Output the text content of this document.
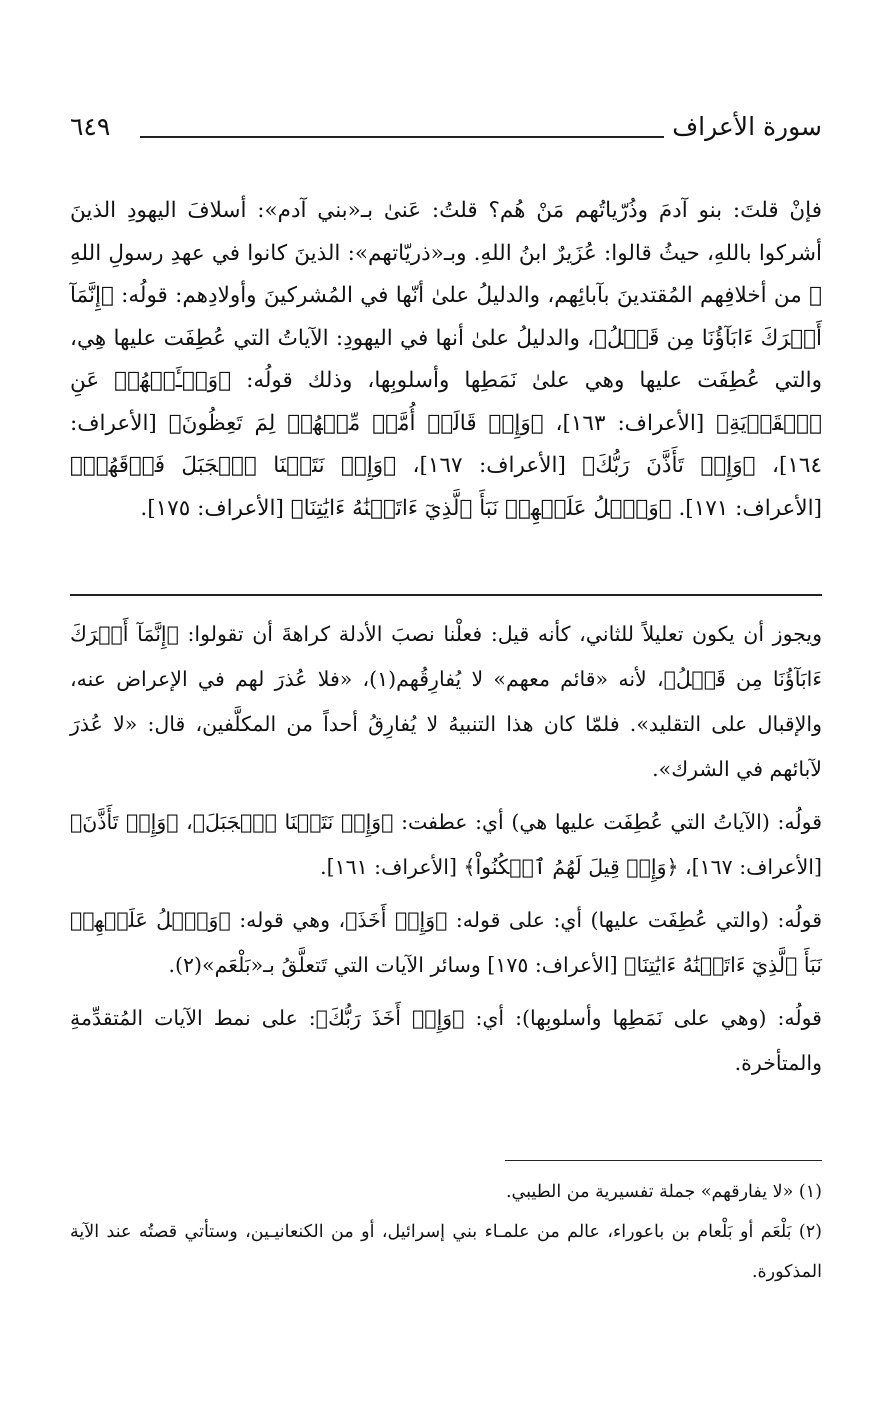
سورة الأعراف
٦٤٩

فإنْ قلتَ: بنو آدمَ وذُرّياتُهم مَنْ هُم؟ قلتُ: عَنىٰ بـ«بني آدم»: أسلافَ اليهودِ الذينَ أشركوا باللهِ، حيثُ قالوا: عُزَيرٌ ابنُ اللهِ. وبـ«ذريّاتهم»: الذينَ كانوا في عهدِ رسولِ اللهِ ﷺ من أخلافِهم المُقتدينَ بآبائِهم، والدليلُ علىٰ أنّها في المُشركينَ وأولادِهم: قولُه: ﴿إِنَّمَآ أَشۡرَكَ ءَابَآؤُنَا مِن قَبۡلُ﴾، والدليلُ علىٰ أنها في اليهودِ: الآياتُ التي عُطِفَت عليها هِي، والتي عُطِفَت عليها وهي علىٰ نَمَطِها وأسلوبِها، وذلك قولُه: ﴿وَسۡـَٔلۡهُمۡ عَنِ ٱلۡقَرۡيَةِ﴾ [الأعراف: ١٦٣]، ﴿وَإِذۡ قَالَتۡ أُمَّةٞ مِّنۡهُمۡ لِمَ تَعِظُونَ﴾ [الأعراف: ١٦٤]، ﴿وَإِذۡ تَأَذَّنَ رَبُّكَ﴾ [الأعراف: ١٦٧]، ﴿وَإِذۡ نَتَقۡنَا ٱلۡجَبَلَ فَوۡقَهُمۡ﴾ [الأعراف: ١٧١]. ﴿وَٱتۡلُ عَلَيۡهِمۡ نَبَأَ ٱلَّذِيٓ ءَاتَيۡنَٰهُ ءَايَٰتِنَا﴾ [الأعراف: ١٧٥].

ويجوز أن يكون تعليلاً للثاني، كأنه قيل: فعلْنا نصبَ الأدلة كراهةَ أن تقولوا: ﴿إِنَّمَآ أَشۡرَكَ ءَابَآؤُنَا مِن قَبۡلُ﴾، لأنه «قائم معهم» لا يُفارِقُهم(١)، «فلا عُذرَ لهم في الإعراض عنه، والإقبال على التقليد». فلمّا كان هذا التنبيهُ لا يُفارِقُ أحداً من المكلَّفين، قال: «لا عُذرَ لآبائهم في الشرك».

قولُه: (الآياتُ التي عُطِفَت عليها هي) أي: عطفت: ﴿وَإِذۡ نَتَقۡنَا ٱلۡجَبَلَ﴾، ﴿وَإِذۡ تَأَذَّنَ﴾ [الأعراف: ١٦٧]، ﴿وَإِذۡ قِيلَ لَهُمُ ٱسۡكُنُواْ﴾ [الأعراف: ١٦١].

قولُه: (والتي عُطِفَت عليها) أي: على قوله: ﴿وَإِذۡ أَخَذَ﴾، وهي قوله: ﴿وَٱتۡلُ عَلَيۡهِمۡ نَبَأَ ٱلَّذِيٓ ءَاتَيۡنَٰهُ ءَايَٰتِنَا﴾ [الأعراف: ١٧٥] وسائر الآيات التي تَتعلَّقُ بـ«بَلْعَم»(٢).

قولُه: (وهي على نَمَطِها وأسلوبِها): أي: ﴿وَإِذۡ أَخَذَ رَبُّكَ﴾: على نمط الآيات المُتقدِّمةِ والمتأخرة.

(١) «لا يفارقهم» جملة تفسيرية من الطيبي.

(٢) بَلْعَم أو بَلْعام بن باعوراء، عالم من علمـاء بني إسرائيل، أو من الكنعانيـين، وستأتي قصتُه عند الآية المذكورة.
